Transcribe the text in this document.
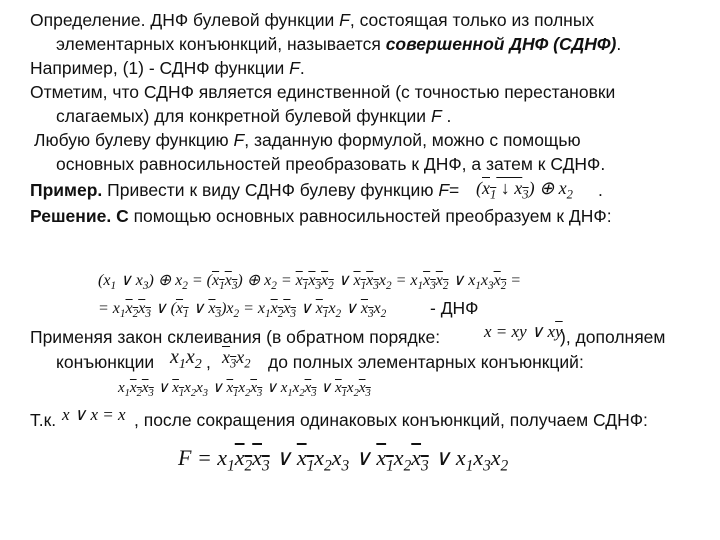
Определение. ДНФ булевой функции F, состоящая только из полных
элементарных конъюнкций, называется совершенной ДНФ (СДНФ).
Например, (1) - СДНФ функции F.
Отметим, что СДНФ является единственной (с точностью перестановки
слагаемых) для конкретной булевой функции F .
Любую булеву функцию F, заданную формулой, можно с помощью
основных равносильностей преобразовать к ДНФ, а затем к СДНФ.
Пример. Привести к виду СДНФ булеву функцию $F= (x_1$ ↓ $x_3$) ⊕ $x_2$ .
Решение. С помощью основных равносильностей преобразуем к ДНФ:
($x_1$ ∨ $x_3$) ⊕ $x_2 = (x_1x_3)$ ⊕ $x_2 = x_1x_3x_2$ ∨ $x_1x_3x_2 = x_1x_3x_2$ ∨ $x_1x_3x_2$ =
= $x_1x_2x_3$ ∨ ($x_1$ ∨ $x_3)x_2 = x_1x_2x_3$ ∨ $x_1x_2$ ∨ $x_3x_2$ - ДНФ
Применяя закон склеивания (в обратном порядке:	x = xy ∨ $x\overline{y}$
), дополняем
конъюнкции $x_1x_2$ , $x_3x_2$ до полных элементарных конъюнкций:
$x_1x_2x_3$ ∨ $x_1x_2x_3$ ∨ $x_1x_2x_3$ ∨ $x_1x_2x_3$ ∨ $x_1x_2x_3$
Т.к. x ∨ x = x , после сокращения одинаковых конъюнкций, получаем СДНФ:
$F = x_1x_2x_3$ ∨ $x_1x_2x_3$ ∨ $x_1x_2x_3$ ∨ $x_1x_3x_2$
